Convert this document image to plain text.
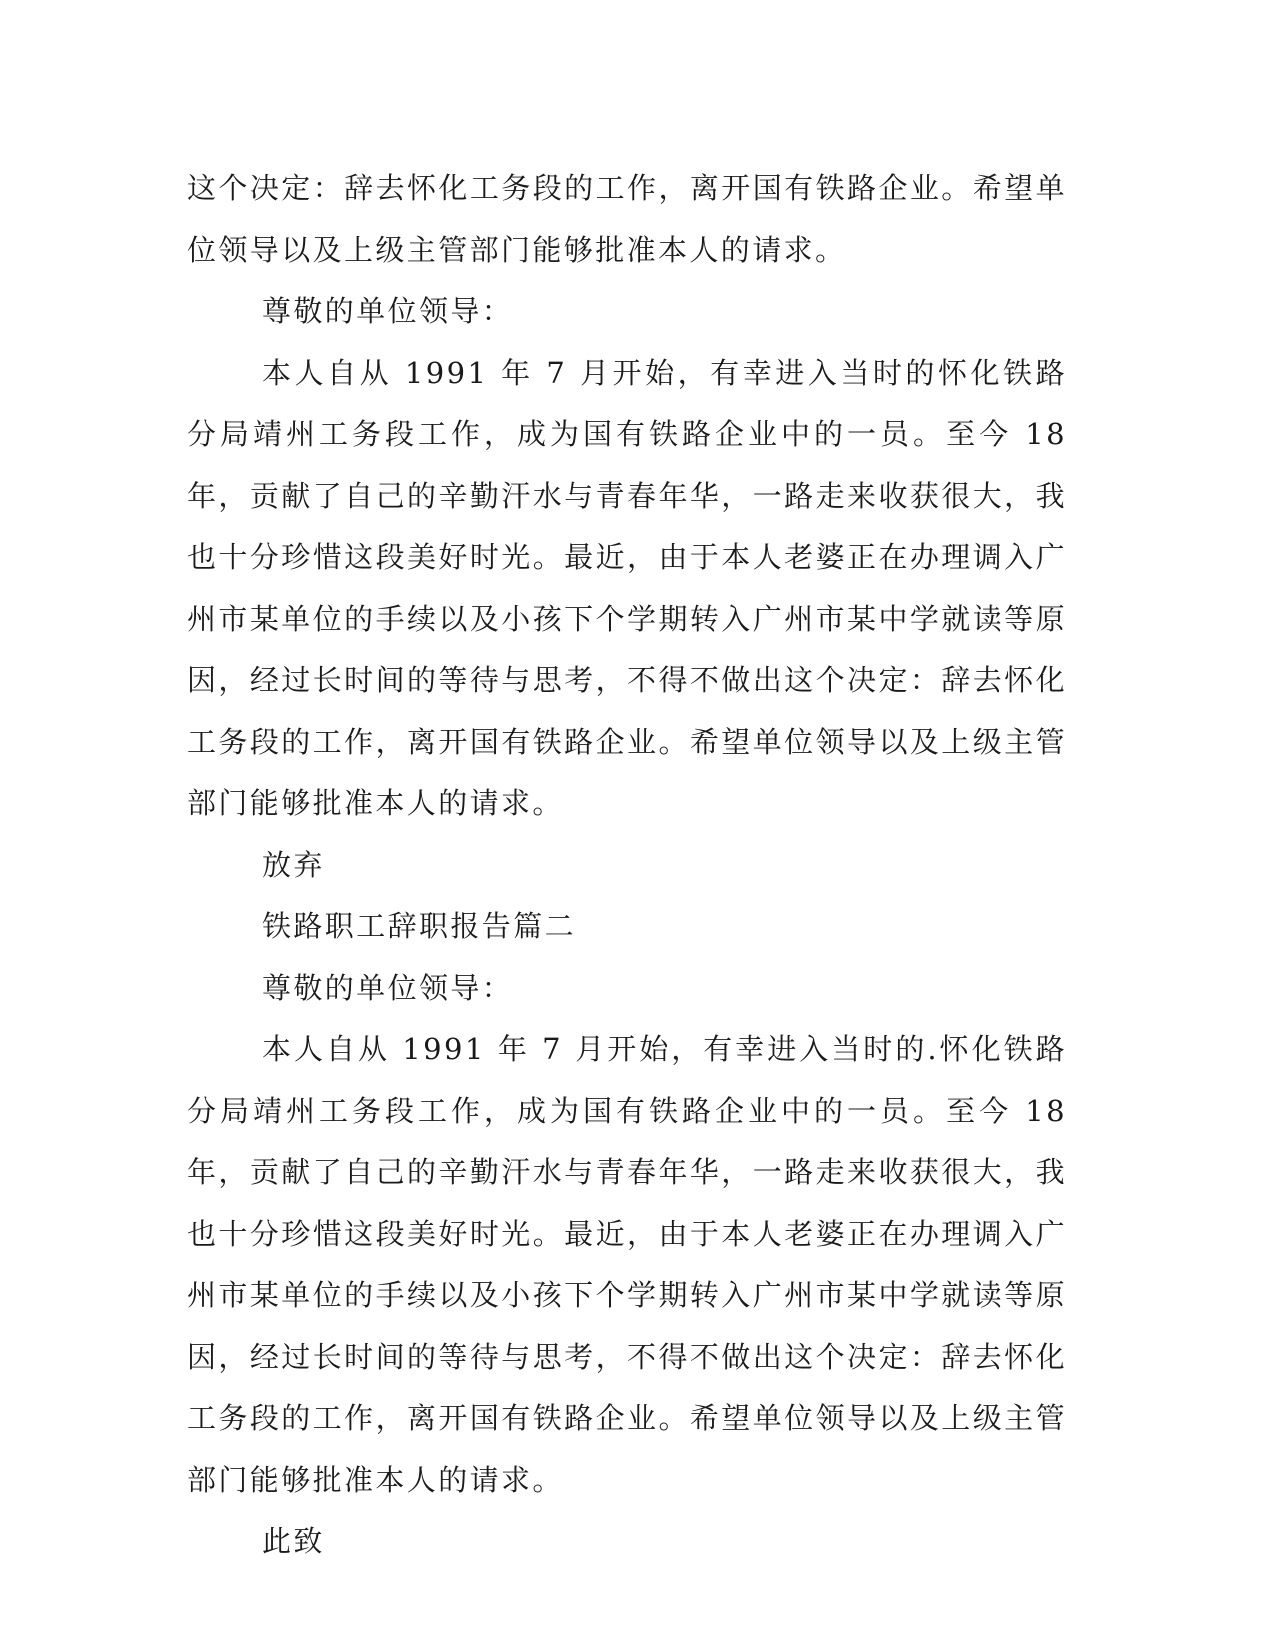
这个决定：辞去怀化工务段的工作，离开国有铁路企业。希望单位领导以及上级主管部门能够批准本人的请求。

尊敬的单位领导：

本人自从 1991 年 7 月开始，有幸进入当时的怀化铁路分局靖州工务段工作，成为国有铁路企业中的一员。至今 18 年，贡献了自己的辛勤汗水与青春年华，一路走来收获很大，我也十分珍惜这段美好时光。最近，由于本人老婆正在办理调入广州市某单位的手续以及小孩下个学期转入广州市某中学就读等原因，经过长时间的等待与思考，不得不做出这个决定：辞去怀化工务段的工作，离开国有铁路企业。希望单位领导以及上级主管部门能够批准本人的请求。

放弃

铁路职工辞职报告篇二

尊敬的单位领导：

本人自从 1991 年 7 月开始，有幸进入当时的.怀化铁路分局靖州工务段工作，成为国有铁路企业中的一员。至今 18 年，贡献了自己的辛勤汗水与青春年华，一路走来收获很大，我也十分珍惜这段美好时光。最近，由于本人老婆正在办理调入广州市某单位的手续以及小孩下个学期转入广州市某中学就读等原因，经过长时间的等待与思考，不得不做出这个决定：辞去怀化工务段的工作，离开国有铁路企业。希望单位领导以及上级主管部门能够批准本人的请求。

此致
